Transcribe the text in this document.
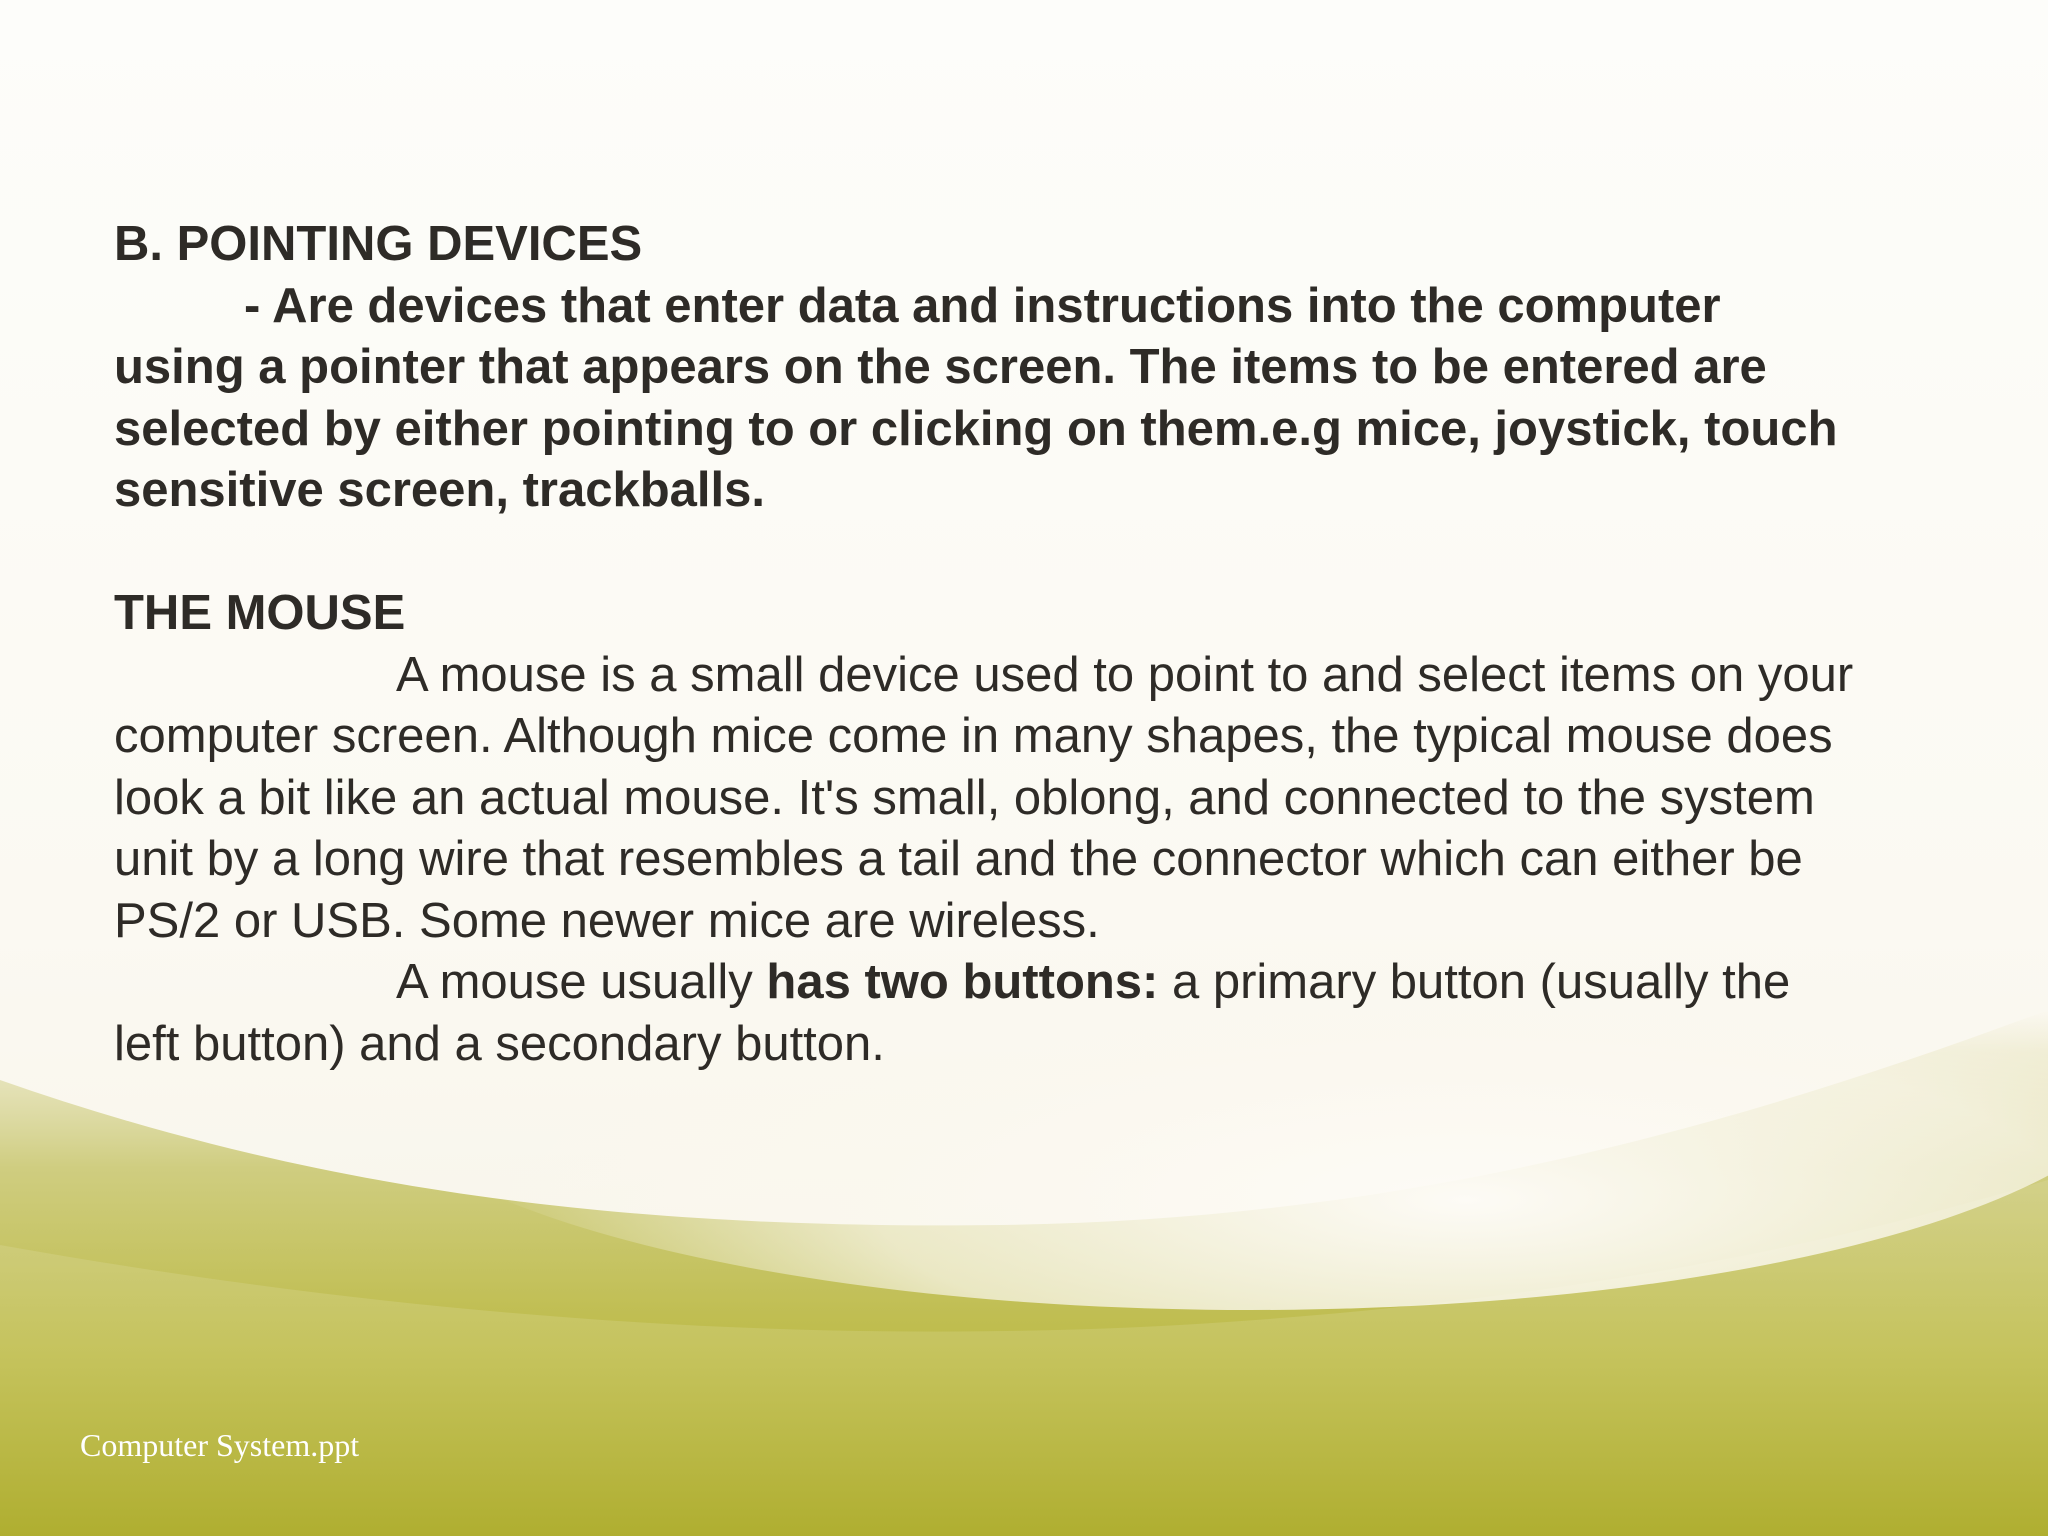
B. POINTING DEVICES

- Are devices that enter data and instructions into the computer

using a pointer that appears on the screen. The items to be entered are

selected by either pointing to or clicking on them.e.g mice, joystick, touch

sensitive screen, trackballs.

THE MOUSE

A mouse is a small device used to point to and select items on your

computer screen. Although mice come in many shapes, the typical mouse does

look a bit like an actual mouse. It's small, oblong, and connected to the system

unit by a long wire that resembles a tail and the connector which can either be

PS/2 or USB. Some newer mice are wireless.

A mouse usually has two buttons: a primary button (usually the

left button) and a secondary button.

Computer System.ppt
